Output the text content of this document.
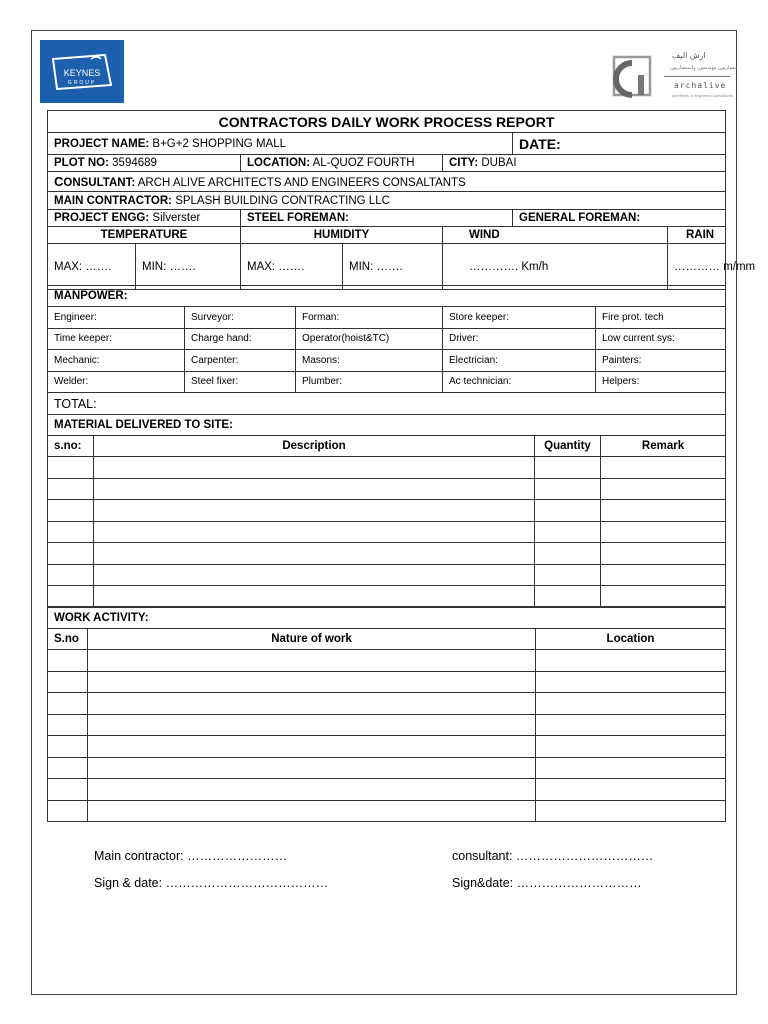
KEYNES
GROUP
ارش اليف
معماريون مهندسون واستشاريون
archalive
architects & engineers consultants
CONTRACTORS DAILY WORK PROCESS REPORT						
PROJECT NAME: B+G+2 SHOPPING MALL					DATE:	
PLOT NO: 3594689		LOCATION: AL-QUOZ FOURTH		CITY: DUBAI		
CONSULTANT: ARCH ALIVE ARCHITECTS AND ENGINEERS CONSALTANTS						
MAIN CONTRACTOR: SPLASH BUILDING CONTRACTING LLC						
PROJECT ENGG: Silverster		STEEL FOREMAN:			GENERAL FOREMAN:	
TEMPERATURE		HUMIDITY		WIND		RAIN
MAX: …….	MIN: …….	MAX: …….	MIN: …….	…………. Km/h		………… m/mm
MANPOWER:				
Engineer:	Surveyor:	Forman:	Store keeper:	Fire prot. tech
Time keeper:	Charge hand:	Operator(hoist&TC)	Driver:	Low current sys:
Mechanic:	Carpenter:	Masons:	Electrician:	Painters:
Welder:	Steel fixer:	Plumber:	Ac technician:	Helpers:
TOTAL:				
MATERIAL DELIVERED TO SITE:			
s.no:	Description	Quantity	Remark

WORK ACTIVITY:		
S.no	Nature of work	Location

Main contractor: ……………………	consultant: ……………………………
Sign & date: …………………………………	Sign&date: …………………………
